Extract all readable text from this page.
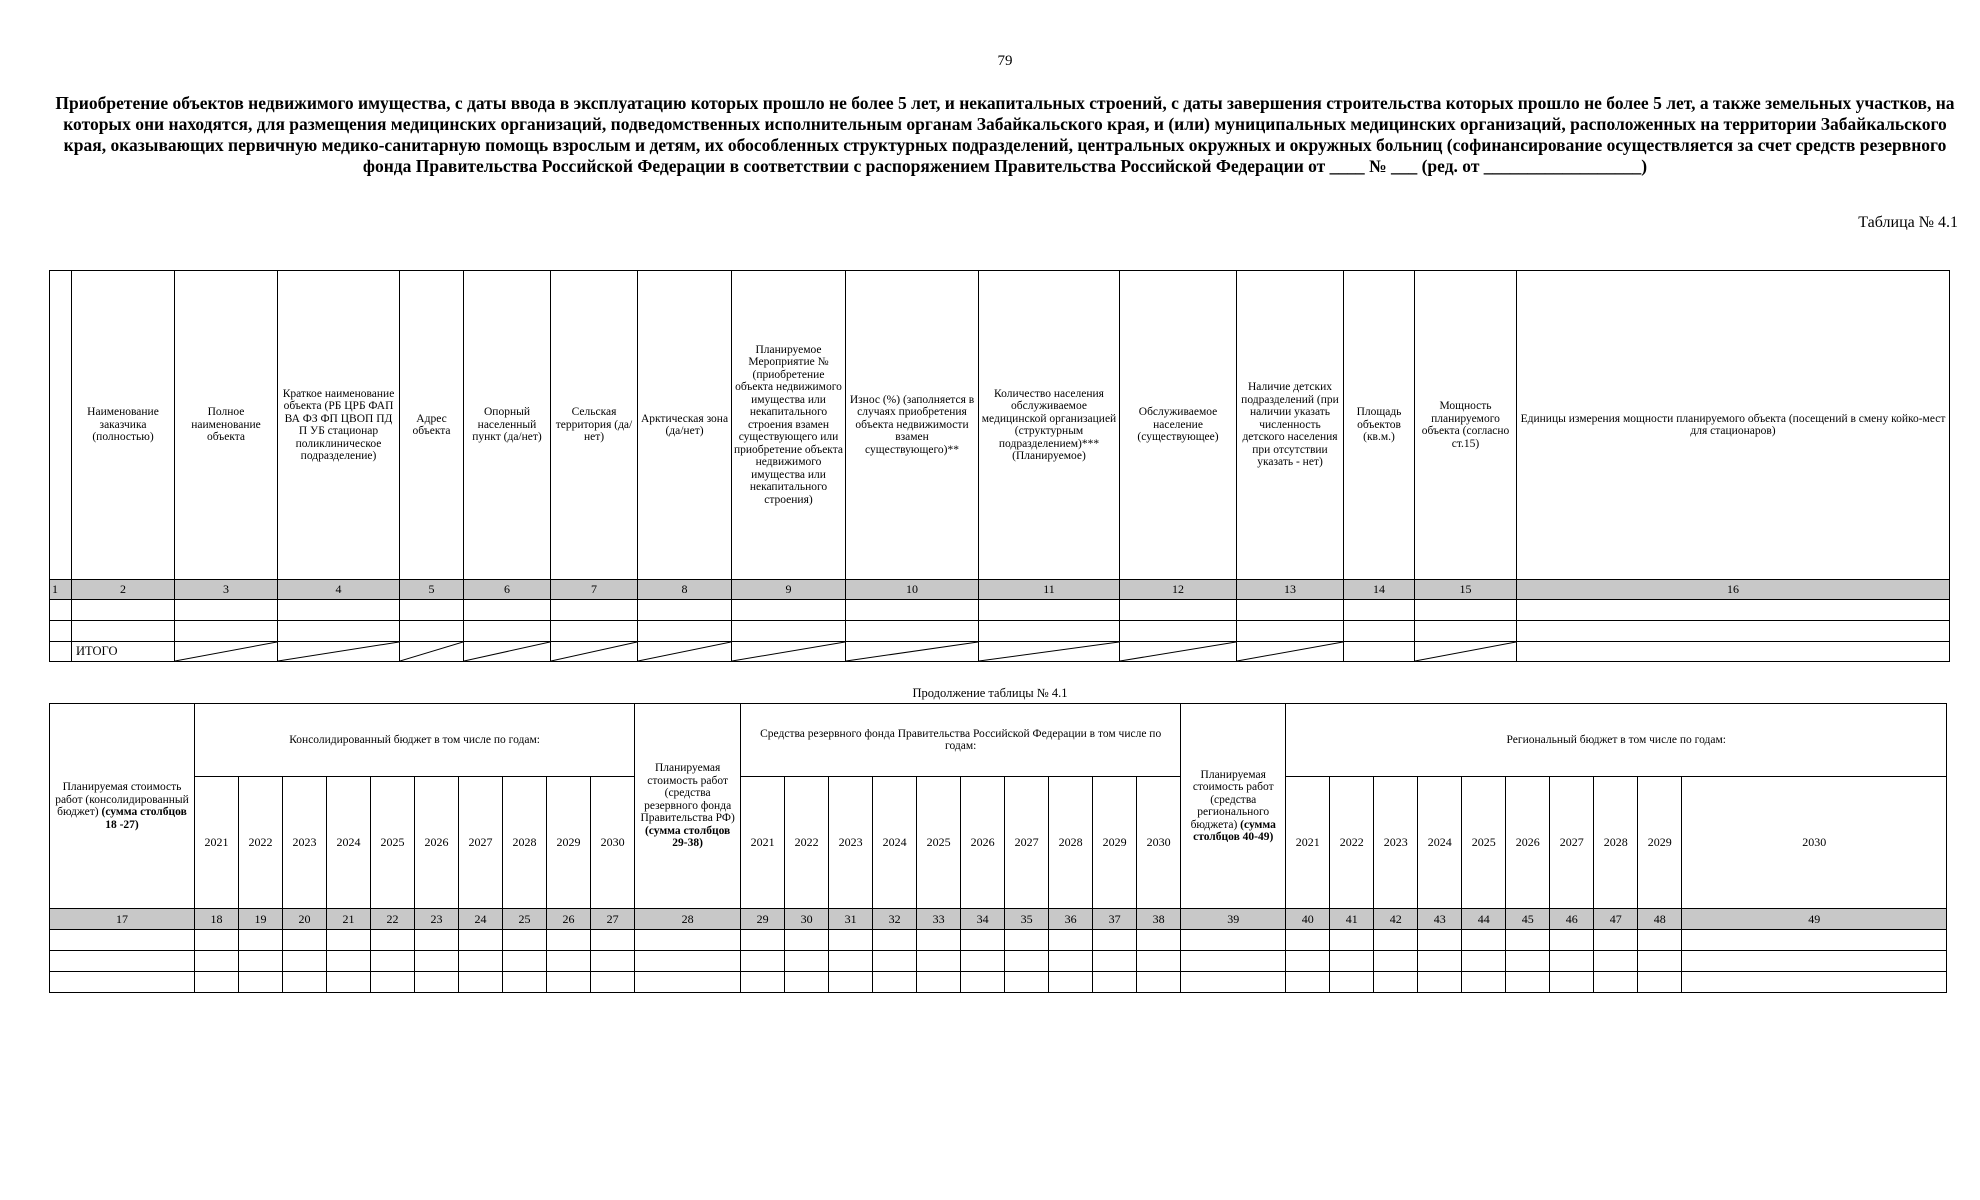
79
Приобретение объектов недвижимого имущества, с даты ввода в эксплуатацию которых прошло не более 5 лет, и некапитальных строений, с даты завершения строительства которых прошло не более 5 лет, а также земельных участков, на которых они находятся, для размещения медицинских организаций, подведомственных исполнительным органам Забайкальского края, и (или) муниципальных медицинских организаций, расположенных на территории Забайкальского края, оказывающих первичную медико-санитарную помощь взрослым и детям, их обособленных структурных подразделений, центральных окружных и окружных больниц (софинансирование осуществляется за счет средств резервного фонда Правительства Российской Федерации в соответствии с распоряжением Правительства Российской Федерации от ____ № ___ (ред. от __________________)
Таблица № 4.1
	Наименование заказчика (полностью)	Полное наименование объекта	Краткое наименование объекта (РБ ЦРБ ФАП ВА ФЗ ФП ЦВОП ПД П УБ стационар поликлиническое подразделение)	Адрес объекта	Опорный населенный пункт (да/нет)	Сельская территория (да/нет)	Арктическая зона (да/нет)	Планируемое Мероприятие № (приобретение объекта недвижимого имущества или некапитального строения взамен существующего или приобретение объекта недвижимого имущества или некапитального строения)	Износ (%) (заполняется в случаях приобретения объекта недвижимости взамен существующего)**	Количество населения обслуживаемое медицинской организацией (структурным подразделением)*** (Планируемое)	Обслуживаемое население (существующее)	Наличие детских подразделений (при наличии указать численность детского населения при отсутствии указать - нет)	Площадь объектов (кв.м.)	Мощность планируемого объекта (согласно ст.15)	Единицы измерения мощности планируемого объекта (посещений в смену койко-мест для стационаров)
1	2	3	4	5	6	7	8	9	10	11	12	13	14	15	16

	ИТОГО	

Продолжение таблицы № 4.1
Планируемая стоимость работ (консолидированный бюджет) (сумма столбцов 18 -27)	Консолидированный бюджет в том числе по годам:										Планируемая стоимость работ (средства резервного фонда Правительства РФ) (сумма столбцов 29-38)	Средства резервного фонда Правительства Российской Федерации в том числе по годам:										Планируемая стоимость работ (средства регионального бюджета) (сумма столбцов 40-49)	Региональный бюджет в том числе по годам:									
	2021	2022	2023	2024	2025	2026	2027	2028	2029	2030		2021	2022	2023	2024	2025	2026	2027	2028	2029	2030		2021	2022	2023	2024	2025	2026	2027	2028	2029	2030
17	18	19	20	21	22	23	24	25	26	27	28	29	30	31	32	33	34	35	36	37	38	39	40	41	42	43	44	45	46	47	48	49
